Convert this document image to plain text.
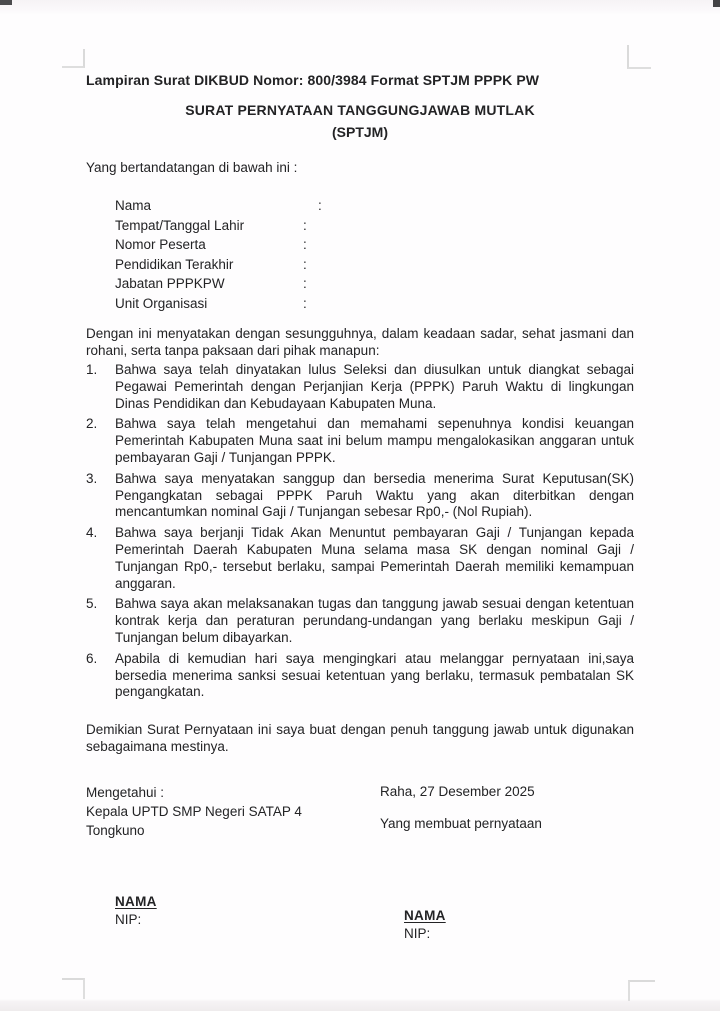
Lampiran Surat DIKBUD Nomor: 800/3984 Format SPTJM PPPK PW
SURAT PERNYATAAN TANGGUNGJAWAB MUTLAK
(SPTJM)
Yang bertandatangan di bawah ini :
Nama	:
Tempat/Tanggal Lahir	:
Nomor Peserta	:
Pendidikan Terakhir	:
Jabatan PPPKPW	:
Unit Organisasi	:
Dengan ini menyatakan dengan sesungguhnya, dalam keadaan sadar, sehat jasmani dan rohani, serta tanpa paksaan dari pihak manapun:
1.	Bahwa saya telah dinyatakan lulus Seleksi dan diusulkan untuk diangkat sebagai Pegawai Pemerintah dengan Perjanjian Kerja (PPPK) Paruh Waktu di lingkungan Dinas Pendidikan dan Kebudayaan Kabupaten Muna.
2.	Bahwa saya telah mengetahui dan memahami sepenuhnya kondisi keuangan Pemerintah Kabupaten Muna saat ini belum mampu mengalokasikan anggaran untuk pembayaran Gaji / Tunjangan PPPK.
3.	Bahwa saya menyatakan sanggup dan bersedia menerima Surat Keputusan(SK) Pengangkatan sebagai PPPK Paruh Waktu yang akan diterbitkan dengan mencantumkan nominal Gaji / Tunjangan sebesar Rp0,- (Nol Rupiah).
4.	Bahwa saya berjanji Tidak Akan Menuntut pembayaran Gaji / Tunjangan kepada Pemerintah Daerah Kabupaten Muna selama masa SK dengan nominal Gaji / Tunjangan Rp0,- tersebut berlaku, sampai Pemerintah Daerah memiliki kemampuan anggaran.
5.	Bahwa saya akan melaksanakan tugas dan tanggung jawab sesuai dengan ketentuan kontrak kerja dan peraturan perundang-undangan yang berlaku meskipun Gaji / Tunjangan belum dibayarkan.
6.	Apabila di kemudian hari saya mengingkari atau melanggar pernyataan ini,saya bersedia menerima sanksi sesuai ketentuan yang berlaku, termasuk pembatalan SK pengangkatan.
Demikian Surat Pernyataan ini saya buat dengan penuh tanggung jawab untuk digunakan sebagaimana mestinya.
Mengetahui :
Kepala UPTD SMP Negeri SATAP 4
Tongkuno
Raha, 27 Desember 2025
Yang membuat pernyataan
NAMA
NIP:	NAMA
NIP:
